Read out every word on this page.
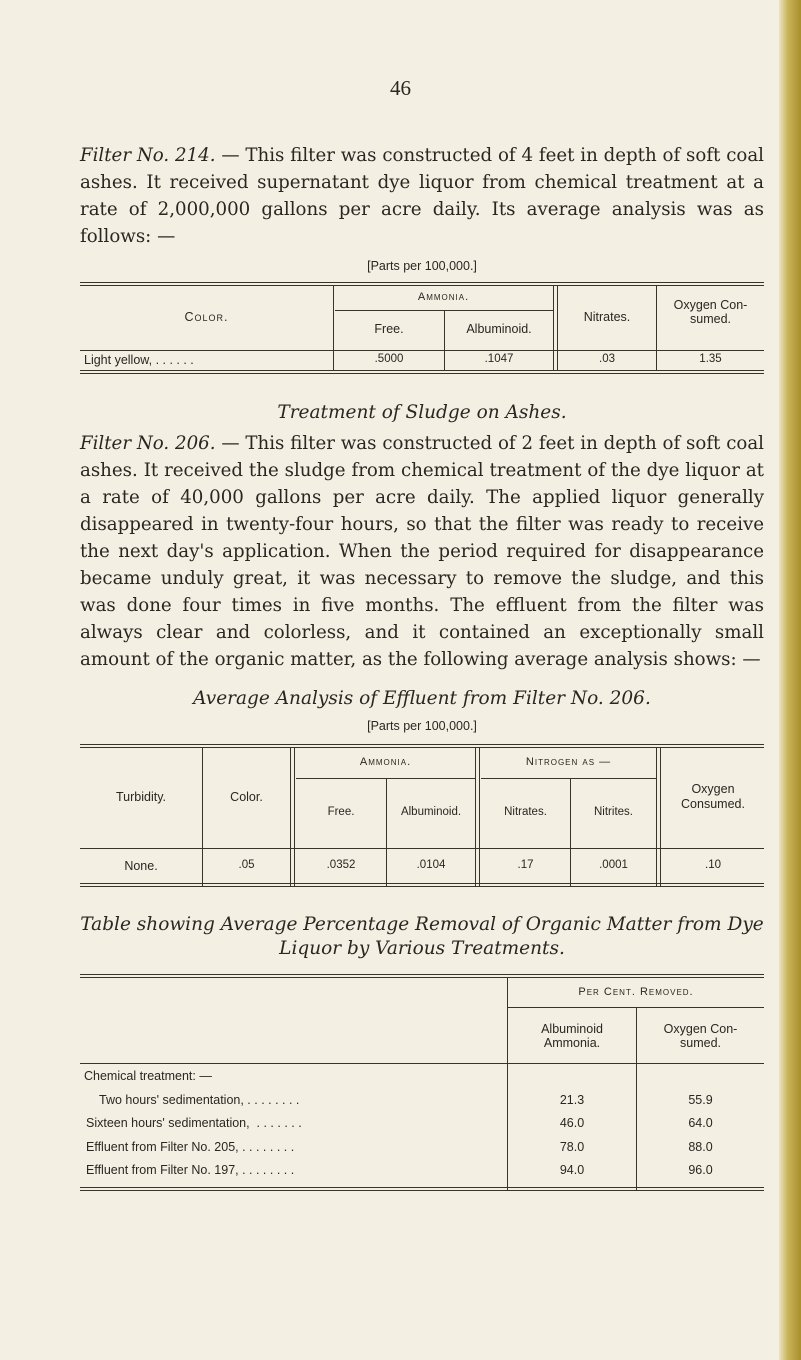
46

Filter No. 214. — This filter was constructed of 4 feet in depth of soft coal ashes. It received supernatant dye liquor from chemical treatment at a rate of 2,000,000 gallons per acre daily. Its average analysis was as follows: —

[Parts per 100,000.]
Color.
Ammonia.
Free.	Albuminoid.
Nitrates.
Oxygen Con-
sumed.
Light yellow, . . . . . .	.5000	.1047	.03	1.35
Treatment of Sludge on Ashes.

Filter No. 206. — This filter was constructed of 2 feet in depth of soft coal ashes. It received the sludge from chemical treatment of the dye liquor at a rate of 40,000 gallons per acre daily. The applied liquor generally disappeared in twenty-four hours, so that the filter was ready to receive the next day's application. When the period required for disappearance became unduly great, it was necessary to remove the sludge, and this was done four times in five months. The effluent from the filter was always clear and colorless, and it contained an exceptionally small amount of the organic matter, as the following average analysis shows: —

Average Analysis of Effluent from Filter No. 206.
[Parts per 100,000.]
Turbidity.	Color.
Ammonia.
Free.	Albuminoid.
Nitrogen as —
Nitrates.	Nitrites.
Oxygen
Consumed.
None.	.05	.0352	.0104	.17	.0001	.10
Table showing Average Percentage Removal of Organic Matter from Dye
Liquor by Various Treatments.
Per Cent. Removed.
Albuminoid
Ammonia.
Oxygen Con-
sumed.
Chemical treatment: —
Two hours' sedimentation, . . . . . . . .	21.3	55.9
Sixteen hours' sedimentation,  . . . . . . .	46.0	64.0
Effluent from Filter No. 205, . . . . . . . .	78.0	88.0
Effluent from Filter No. 197, . . . . . . . .	94.0	96.0
